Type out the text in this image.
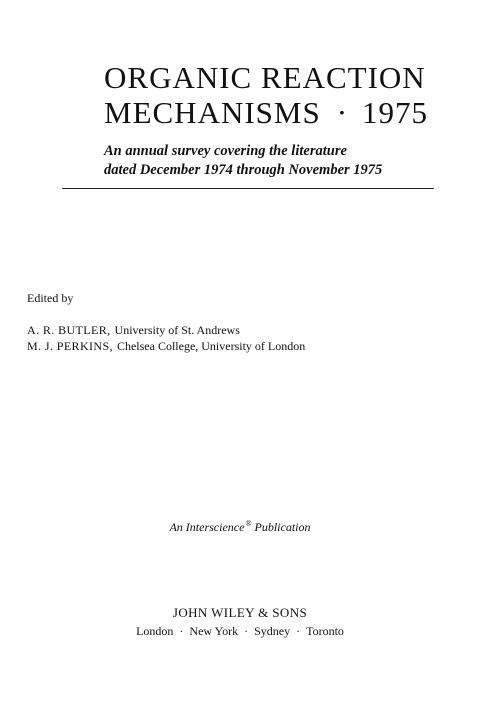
ORGANIC REACTION
MECHANISMS · 1975
An annual survey covering the literature
dated December 1974 through November 1975
Edited by
A. R. BUTLER, University of St. Andrews
M. J. PERKINS, Chelsea College, University of London
An Interscience® Publication
JOHN WILEY & SONS
London · New York · Sydney · Toronto
